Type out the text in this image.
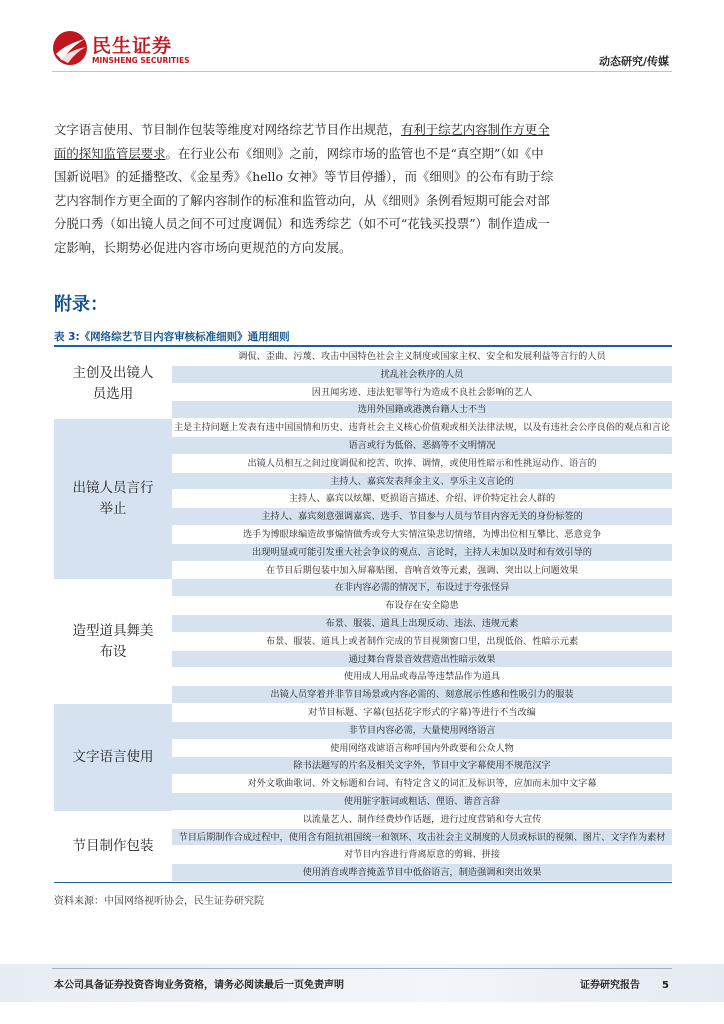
民生证券
MINSHENG SECURITIES	动态研究/传媒
文字语言使用、节目制作包装等维度对网络综艺节目作出规范，有利于综艺内容制作方更全面的探知监管层要求。在行业公布《细则》之前，网综市场的监管也不是“真空期”（如《中国新说唱》的延播整改、《金星秀》《hello 女神》等节目停播），而《细则》的公布有助于综艺内容制作方更全面的了解内容制作的标准和监管动向，从《细则》条例看短期可能会对部分脱口秀（如出镜人员之间不可过度调侃）和选秀综艺（如不可“花钱买投票”）制作造成一定影响，长期势必促进内容市场向更规范的方向发展。
附录：
表 3:《网络综艺节目内容审核标准细则》通用细则
主创及出镜人员选用
调侃、歪曲、污蔑、攻击中国特色社会主义制度或国家主权、安全和发展利益等言行的人员
扰乱社会秩序的人员
因丑闻劣迹、违法犯罪等行为造成不良社会影响的艺人
选用外国籍或港澳台籍人士不当
出镜人员言行举止
主是主持问题上发表有违中国国情和历史、违背社会主义核心价值观或相关法律法规，以及有违社会公序良俗的观点和言论
语言或行为低俗、恶搞等不文明情况
出镜人员相互之间过度调侃和挖苦、吹捧、调情，或使用性暗示和性挑逗动作、语言的
主持人、嘉宾发表拜金主义、享乐主义言论的
主持人、嘉宾以炫耀、贬损语言描述、介绍、评价特定社会人群的
主持人、嘉宾刻意强调嘉宾、选手、节目参与人员与节目内容无关的身份标签的
选手为博眼球编造故事煽情做秀或夸大实情渲染悲切情绪，为博出位相互攀比、恶意竞争
出现明显或可能引发重大社会争议的观点、言论时，主持人未加以及时和有效引导的
在节目后期包装中加入屏幕贴图、音响音效等元素，强调、突出以上问题效果
造型道具舞美布设
在非内容必需的情况下，布设过于夸张怪异
布设存在安全隐患
布景、服装、道具上出现反动、违法、违规元素
布景、服装、道具上或者制作完成的节目视频窗口里，出现低俗、性暗示元素
通过舞台背景音效营造出性暗示效果
使用成人用品或毒品等违禁品作为道具
出镜人员穿着并非节目场景或内容必需的、刻意展示性感和性吸引力的服装
文字语言使用
对节目标题、字幕(包括花字形式的字幕)等进行不当改编
非节目内容必需，大量使用网络语言
使用网络戏谑语言称呼国内外政要和公众人物
除书法题写的片名及相关文字外，节目中文字幕使用不规范汉字
对外文歌曲歌词、外文标题和台词、有特定含义的词汇及标识等，应加而未加中文字幕
使用脏字脏词或粗话、俚语、谐音言辞
节目制作包装
以流量艺人、制作经费炒作话题，进行过度营销和夸大宣传
节目后期制作合成过程中，使用含有阻抗祖国统一和领环、攻击社会主义制度的人员或标识的视频、图片、文字作为素材
对节目内容进行背离原意的剪辑、拼接
使用消音或哔音掩盖节目中低俗语言，制造强调和突出效果
资料来源：中国网络视听协会，民生证券研究院
本公司具备证券投资咨询业务资格，请务必阅读最后一页免责声明	证券研究报告 5
